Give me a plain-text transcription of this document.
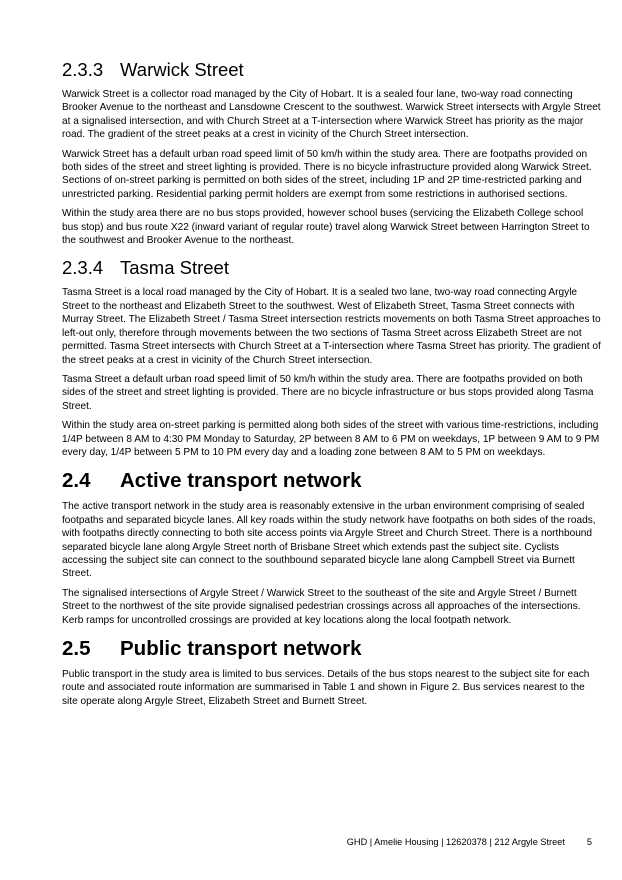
2.3.3 Warwick Street

Warwick Street is a collector road managed by the City of Hobart. It is a sealed four lane, two-way road connecting Brooker Avenue to the northeast and Lansdowne Crescent to the southwest. Warwick Street intersects with Argyle Street at a signalised intersection, and with Church Street at a T-intersection where Warwick Street has priority as the major road. The gradient of the street peaks at a crest in vicinity of the Church Street intersection.

Warwick Street has a default urban road speed limit of 50 km/h within the study area. There are footpaths provided on both sides of the street and street lighting is provided. There is no bicycle infrastructure provided along Warwick Street. Sections of on-street parking is permitted on both sides of the street, including 1P and 2P time-restricted parking and unrestricted parking. Residential parking permit holders are exempt from some restrictions in authorised sections.

Within the study area there are no bus stops provided, however school buses (servicing the Elizabeth College school bus stop) and bus route X22 (inward variant of regular route) travel along Warwick Street between Harrington Street to the southwest and Brooker Avenue to the northeast.

2.3.4 Tasma Street

Tasma Street is a local road managed by the City of Hobart. It is a sealed two lane, two-way road connecting Argyle Street to the northeast and Elizabeth Street to the southwest. West of Elizabeth Street, Tasma Street connects with Murray Street. The Elizabeth Street / Tasma Street intersection restricts movements on both Tasma Street approaches to left-out only, therefore through movements between the two sections of Tasma Street across Elizabeth Street are not permitted. Tasma Street intersects with Church Street at a T-intersection where Tasma Street has priority. The gradient of the street peaks at a crest in vicinity of the Church Street intersection.

Tasma Street a default urban road speed limit of 50 km/h within the study area. There are footpaths provided on both sides of the street and street lighting is provided. There are no bicycle infrastructure or bus stops provided along Tasma Street.

Within the study area on-street parking is permitted along both sides of the street with various time-restrictions, including 1/4P between 8 AM to 4:30 PM Monday to Saturday, 2P between 8 AM to 6 PM on weekdays, 1P between 9 AM to 9 PM every day, 1/4P between 5 PM to 10 PM every day and a loading zone between 8 AM to 5 PM on weekdays.

2.4	Active transport network

The active transport network in the study area is reasonably extensive in the urban environment comprising of sealed footpaths and separated bicycle lanes. All key roads within the study network have footpaths on both sides of the roads, with footpaths directly connecting to both site access points via Argyle Street and Church Street. There is a northbound separated bicycle lane along Argyle Street north of Brisbane Street which extends past the subject site. Cyclists accessing the subject site can connect to the southbound separated bicycle lane along Campbell Street via Burnett Street.

The signalised intersections of Argyle Street / Warwick Street to the southeast of the site and Argyle Street / Burnett Street to the northwest of the site provide signalised pedestrian crossings across all approaches of the intersections. Kerb ramps for uncontrolled crossings are provided at key locations along the local footpath network.

2.5	Public transport network

Public transport in the study area is limited to bus services. Details of the bus stops nearest to the subject site for each route and associated route information are summarised in Table 1 and shown in Figure 2. Bus services nearest to the site operate along Argyle Street, Elizabeth Street and Burnett Street.

GHD | Amelie Housing | 12620378 | 212 Argyle Street 5
